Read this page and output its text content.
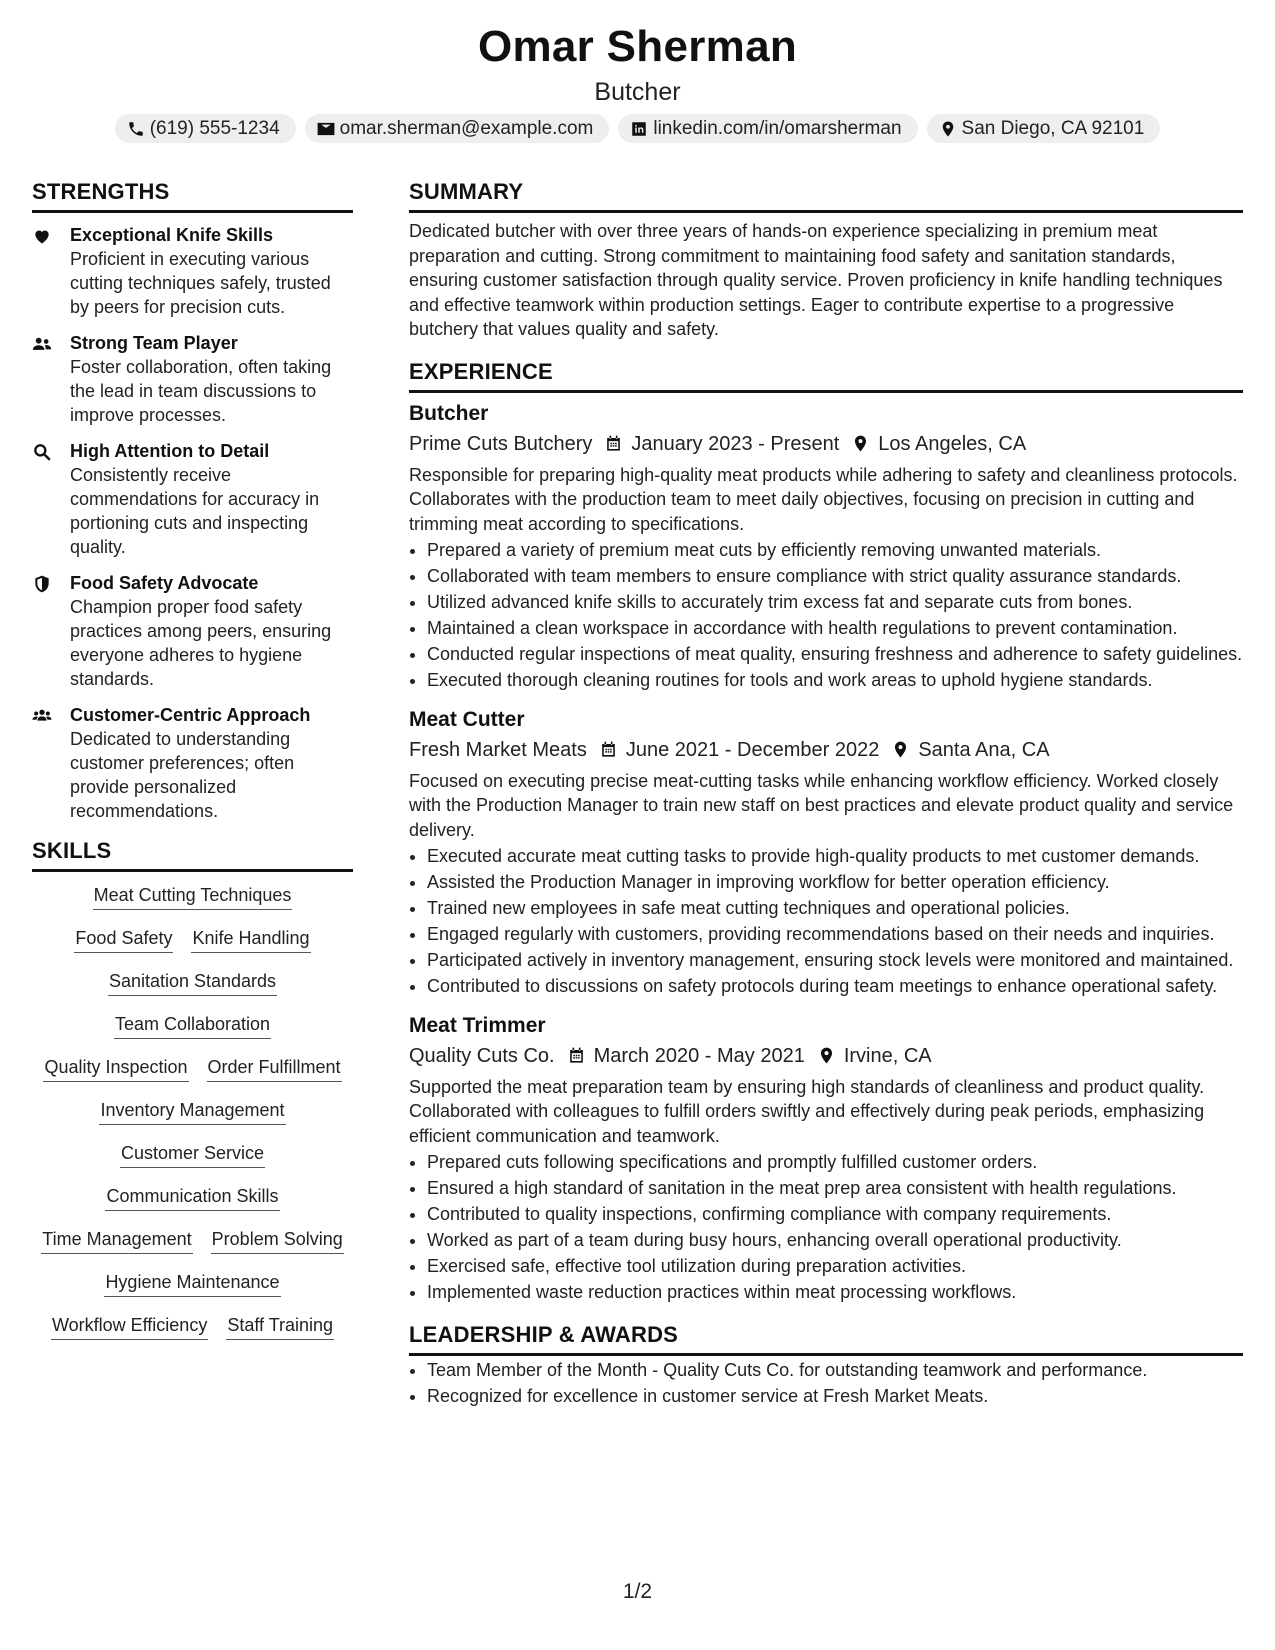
Omar Sherman
Butcher
(619) 555-1234	omar.sherman@example.com	linkedin.com/in/omarsherman	San Diego, CA 92101
STRENGTHS
Exceptional Knife Skills
Proficient in executing various cutting techniques safely, trusted by peers for precision cuts.
Strong Team Player
Foster collaboration, often taking the lead in team discussions to improve processes.
High Attention to Detail
Consistently receive commendations for accuracy in portioning cuts and inspecting quality.
Food Safety Advocate
Champion proper food safety practices among peers, ensuring everyone adheres to hygiene standards.
Customer-Centric Approach
Dedicated to understanding customer preferences; often provide personalized recommendations.
SKILLS
Meat Cutting Techniques
Food Safety Knife Handling
Sanitation Standards
Team Collaboration
Quality Inspection Order Fulfillment
Inventory Management
Customer Service
Communication Skills
Time Management Problem Solving
Hygiene Maintenance
Workflow Efficiency Staff Training
SUMMARY
Dedicated butcher with over three years of hands-on experience specializing in premium meat preparation and cutting. Strong commitment to maintaining food safety and sanitation standards, ensuring customer satisfaction through quality service. Proven proficiency in knife handling techniques and effective teamwork within production settings. Eager to contribute expertise to a progressive butchery that values quality and safety.
EXPERIENCE
Butcher
Prime Cuts Butchery January 2023 - Present Los Angeles, CA
Responsible for preparing high-quality meat products while adhering to safety and cleanliness protocols. Collaborates with the production team to meet daily objectives, focusing on precision in cutting and trimming meat according to specifications.
• Prepared a variety of premium meat cuts by efficiently removing unwanted materials.
• Collaborated with team members to ensure compliance with strict quality assurance standards.
• Utilized advanced knife skills to accurately trim excess fat and separate cuts from bones.
• Maintained a clean workspace in accordance with health regulations to prevent contamination.
• Conducted regular inspections of meat quality, ensuring freshness and adherence to safety guidelines.
• Executed thorough cleaning routines for tools and work areas to uphold hygiene standards.
Meat Cutter
Fresh Market Meats June 2021 - December 2022 Santa Ana, CA
Focused on executing precise meat-cutting tasks while enhancing workflow efficiency. Worked closely with the Production Manager to train new staff on best practices and elevate product quality and service delivery.
• Executed accurate meat cutting tasks to provide high-quality products to met customer demands.
• Assisted the Production Manager in improving workflow for better operation efficiency.
• Trained new employees in safe meat cutting techniques and operational policies.
• Engaged regularly with customers, providing recommendations based on their needs and inquiries.
• Participated actively in inventory management, ensuring stock levels were monitored and maintained.
• Contributed to discussions on safety protocols during team meetings to enhance operational safety.
Meat Trimmer
Quality Cuts Co. March 2020 - May 2021 Irvine, CA
Supported the meat preparation team by ensuring high standards of cleanliness and product quality. Collaborated with colleagues to fulfill orders swiftly and effectively during peak periods, emphasizing efficient communication and teamwork.
• Prepared cuts following specifications and promptly fulfilled customer orders.
• Ensured a high standard of sanitation in the meat prep area consistent with health regulations.
• Contributed to quality inspections, confirming compliance with company requirements.
• Worked as part of a team during busy hours, enhancing overall operational productivity.
• Exercised safe, effective tool utilization during preparation activities.
• Implemented waste reduction practices within meat processing workflows.
LEADERSHIP & AWARDS
• Team Member of the Month - Quality Cuts Co. for outstanding teamwork and performance.
• Recognized for excellence in customer service at Fresh Market Meats.
1/2
